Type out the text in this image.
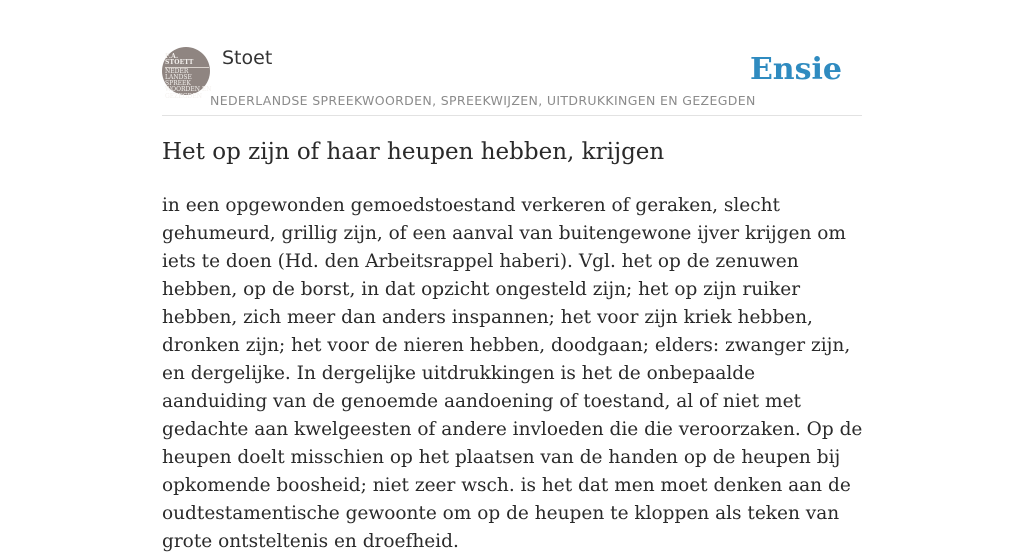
F.A. STOETT
NEDER
LANDSE
SPREEK
WOORDEN EN
GEZEGDEN
Stoet	Ensie
NEDERLANDSE SPREEKWOORDEN, SPREEKWIJZEN, UITDRUKKINGEN EN GEZEGDEN
Het op zijn of haar heupen hebben, krijgen

in een opgewonden gemoedstoestand verkeren of geraken, slecht gehumeurd, grillig zijn, of een aanval van buitengewone ijver krijgen om iets te doen (Hd. den Arbeitsrappel haberi). Vgl. het op de zenuwen hebben, op de borst, in dat opzicht ongesteld zijn; het op zijn ruiker hebben, zich meer dan anders inspannen; het voor zijn kriek hebben, dronken zijn; het voor de nieren hebben, doodgaan; elders: zwanger zijn, en dergelijke. In dergelijke uitdrukkingen is het de onbepaalde aanduiding van de genoemde aandoening of toestand, al of niet met gedachte aan kwelgeesten of andere invloeden die die veroorzaken. Op de heupen doelt misschien op het plaatsen van de handen op de heupen bij opkomende boosheid; niet zeer wsch. is het dat men moet denken aan de oudtestamentische gewoonte om op de heupen te kloppen als teken van grote ontsteltenis en droefheid.
